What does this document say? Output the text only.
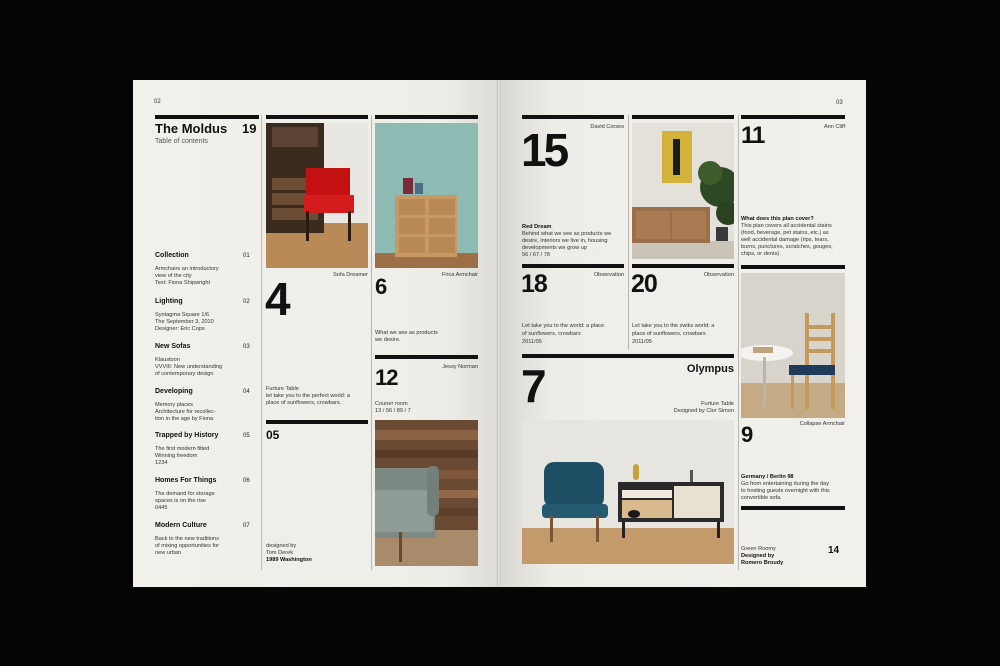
02
The Moldus 19
Table of contents
Collection	01
Armchairs an introductory
view of the city
Text: Fiona Shipwright
Lighting	02
Syntagma Square 1/6
The September 3, 2010
Designer: Eric Cops
New Sofas	03
Klaustoon
VVVIII: New understanding
of contemporary design
Developing	04
Memory places
Architecture for recollec-
tion in the age by Fiona
Trapped by History	05
The first modern fitted
Winning freedom
1234
Homes For Things	06
The demand for storage
spaces is on the rise
0445
Modern Culture	07
Back to the new traditions
of mixing opportunities for
new urban
Sofa Dreamer
4
Furture Table
let take you to the perfect world: a
place of sunflowers, crowbars.
05
designed by
Tom Derek
1989 Washington
Frica Armchair
6
What we see as products
we desire.
Jessy Norman
12
Couner room
13 / 56 / 89 / 7
03
David Corses
15
Red Dream
Behind what we see as products we
desire, interiors we live in, housing
developments we grow up
56 / 67 / 78
Observation
18
Let take you to the world: a place
of sunflowers, crowbars
2011/05
Observation
20
Let take you to the zwiks world: a
place of sunflowers, crowbars
2011/05
7	Olympus
Furture Table
Designed by Clor Simon
Ann Cliff
11
What does this plan cover?
This plan covers all accidental stains
(food, beverage, pet stains, etc.) as
well accidental damage (rips, tears,
burns, punctures, scratches, gouges,
chips, or dents).
Collapse Armchair
9
Germany / Berlin 98
Go from entertaining during the day
to hosting guests overnight with this
convertible sofa.
Green Roomy
Designed by
Romero Broudy
14
